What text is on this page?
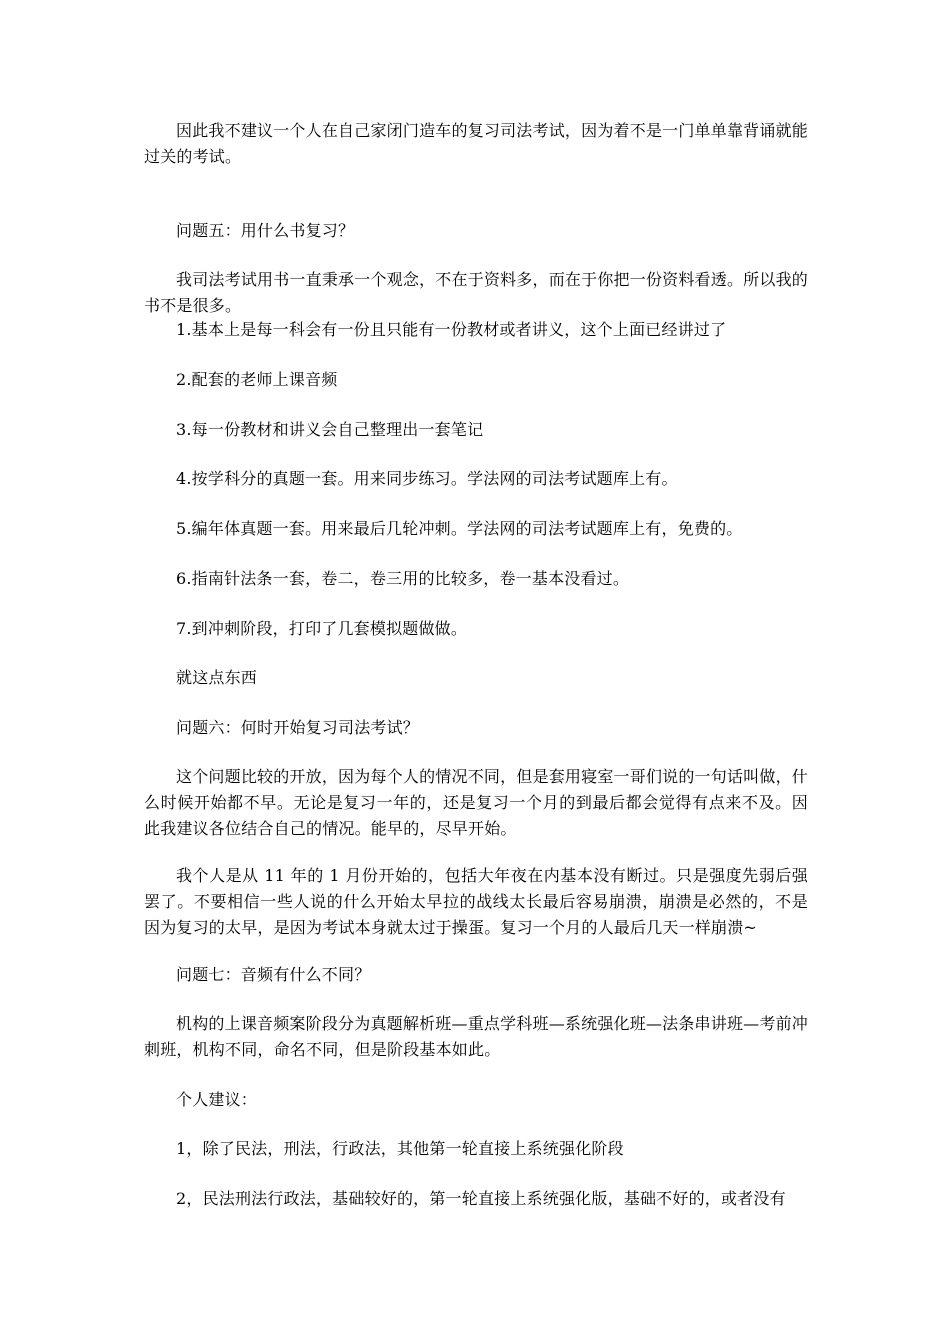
因此我不建议一个人在自己家闭门造车的复习司法考试，因为着不是一门单单靠背诵就能过关的考试。

问题五：用什么书复习？

我司法考试用书一直秉承一个观念，不在于资料多，而在于你把一份资料看透。所以我的书不是很多。

1.基本上是每一科会有一份且只能有一份教材或者讲义，这个上面已经讲过了

2.配套的老师上课音频

3.每一份教材和讲义会自己整理出一套笔记

4.按学科分的真题一套。用来同步练习。学法网的司法考试题库上有。

5.编年体真题一套。用来最后几轮冲刺。学法网的司法考试题库上有，免费的。

6.指南针法条一套，卷二，卷三用的比较多，卷一基本没看过。

7.到冲刺阶段，打印了几套模拟题做做。

就这点东西

问题六：何时开始复习司法考试？

这个问题比较的开放，因为每个人的情况不同，但是套用寝室一哥们说的一句话叫做，什么时候开始都不早。无论是复习一年的，还是复习一个月的到最后都会觉得有点来不及。因此我建议各位结合自己的情况。能早的，尽早开始。

我个人是从 11 年的 1 月份开始的，包括大年夜在内基本没有断过。只是强度先弱后强罢了。不要相信一些人说的什么开始太早拉的战线太长最后容易崩溃，崩溃是必然的，不是因为复习的太早，是因为考试本身就太过于操蛋。复习一个月的人最后几天一样崩溃~

问题七：音频有什么不同？

机构的上课音频案阶段分为真题解析班—重点学科班—系统强化班—法条串讲班—考前冲刺班，机构不同，命名不同，但是阶段基本如此。

个人建议：

1，除了民法，刑法，行政法，其他第一轮直接上系统强化阶段

2，民法刑法行政法，基础较好的，第一轮直接上系统强化版，基础不好的，或者没有
